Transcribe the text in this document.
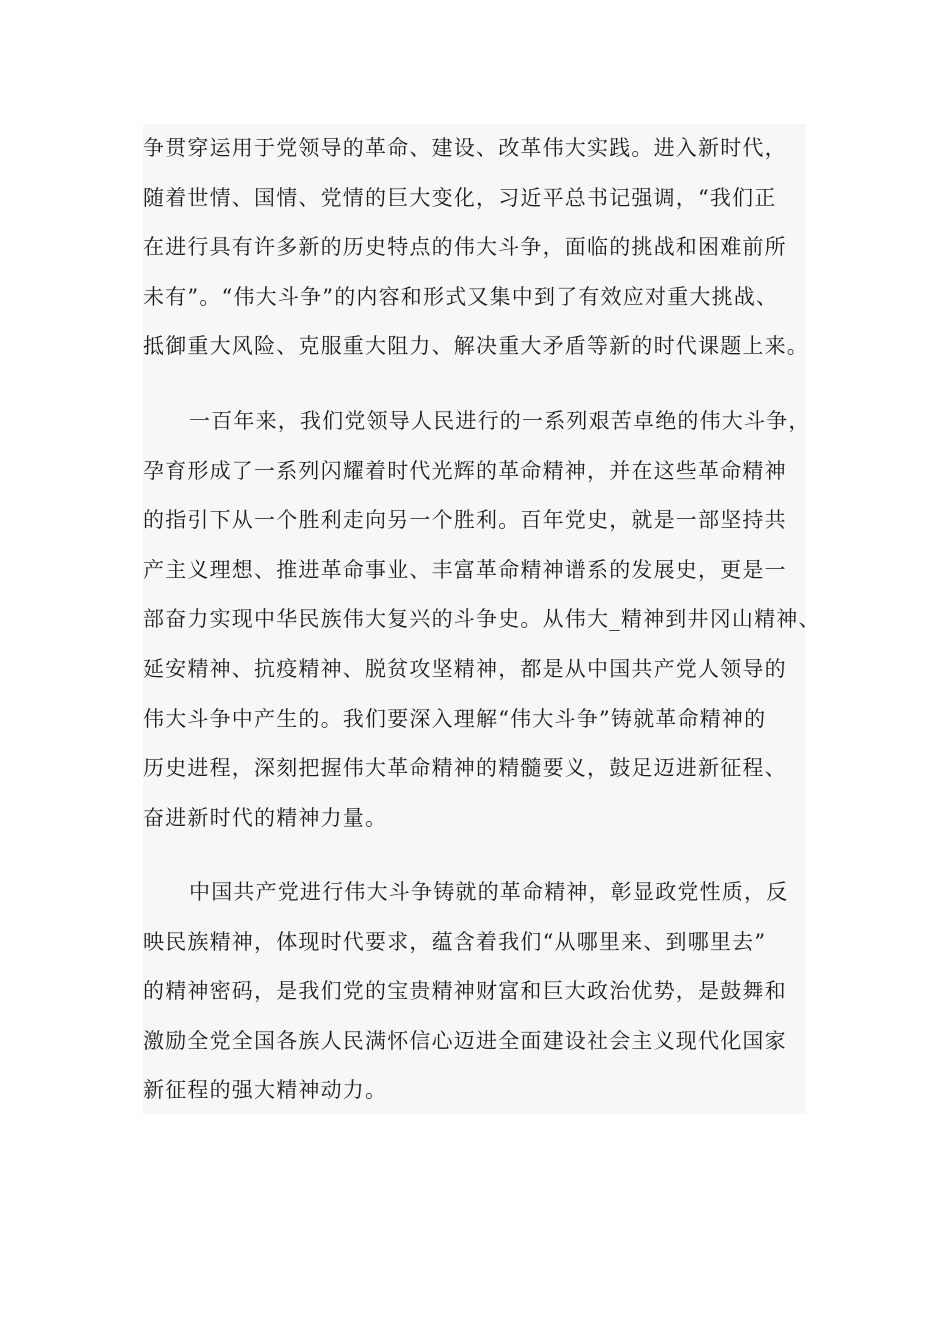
争贯穿运用于党领导的革命、建设、改革伟大实践。进入新时代，
随着世情、国情、党情的巨大变化，习近平总书记强调，“我们正
在进行具有许多新的历史特点的伟大斗争，面临的挑战和困难前所
未有”。“伟大斗争”的内容和形式又集中到了有效应对重大挑战、
抵御重大风险、克服重大阻力、解决重大矛盾等新的时代课题上来。
一百年来，我们党领导人民进行的一系列艰苦卓绝的伟大斗争，
孕育形成了一系列闪耀着时代光辉的革命精神，并在这些革命精神
的指引下从一个胜利走向另一个胜利。百年党史，就是一部坚持共
产主义理想、推进革命事业、丰富革命精神谱系的发展史，更是一
部奋力实现中华民族伟大复兴的斗争史。从伟大_精神到井冈山精神、
延安精神、抗疫精神、脱贫攻坚精神，都是从中国共产党人领导的
伟大斗争中产生的。我们要深入理解“伟大斗争”铸就革命精神的
历史进程，深刻把握伟大革命精神的精髓要义，鼓足迈进新征程、
奋进新时代的精神力量。
中国共产党进行伟大斗争铸就的革命精神，彰显政党性质，反
映民族精神，体现时代要求，蕴含着我们“从哪里来、到哪里去”
的精神密码，是我们党的宝贵精神财富和巨大政治优势，是鼓舞和
激励全党全国各族人民满怀信心迈进全面建设社会主义现代化国家
新征程的强大精神动力。
